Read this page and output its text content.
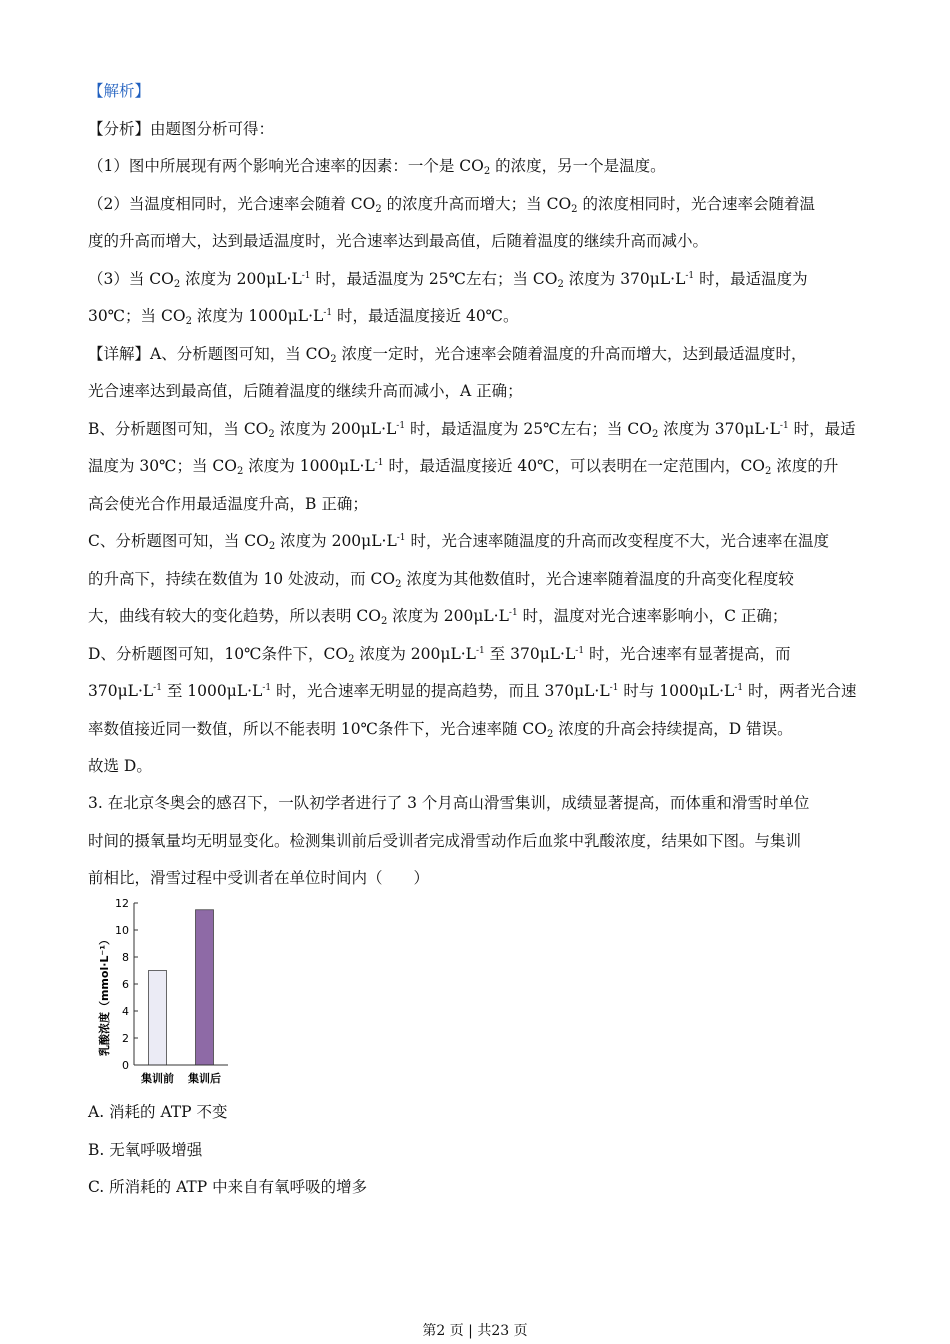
【解析】
【分析】由题图分析可得：
（1）图中所展现有两个影响光合速率的因素：一个是 $CO_2$ 的浓度，另一个是温度。
（2）当温度相同时，光合速率会随着 $CO_2$ 的浓度升高而增大；当 $CO_2$ 的浓度相同时，光合速率会随着温
度的升高而增大，达到最适温度时，光合速率达到最高值，后随着温度的继续升高而减小。
（3）当 $CO_2$ 浓度为 $200\mu L\cdot L^{-1}$ 时，最适温度为 25℃左右；当 $CO_2$ 浓度为 $370\mu L\cdot L^{-1}$ 时，最适温度为
30℃；当 $CO_2$ 浓度为 $1000\mu L\cdot L^{-1}$ 时，最适温度接近 40℃。
【详解】A、分析题图可知，当 $CO_2$ 浓度一定时，光合速率会随着温度的升高而增大，达到最适温度时，
光合速率达到最高值，后随着温度的继续升高而减小，A 正确；
B、分析题图可知，当 $CO_2$ 浓度为 $200\mu L\cdot L^{-1}$ 时，最适温度为 25℃左右；当 $CO_2$ 浓度为 $370\mu L\cdot L^{-1}$ 时，最适
温度为 30℃；当 $CO_2$ 浓度为 $1000\mu L\cdot L^{-1}$ 时，最适温度接近 40℃，可以表明在一定范围内，$CO_2$ 浓度的升
高会使光合作用最适温度升高，B 正确；
C、分析题图可知，当 $CO_2$ 浓度为 $200\mu L\cdot L^{-1}$ 时，光合速率随温度的升高而改变程度不大，光合速率在温度
的升高下，持续在数值为 10 处波动，而 $CO_2$ 浓度为其他数值时，光合速率随着温度的升高变化程度较
大，曲线有较大的变化趋势，所以表明 $CO_2$ 浓度为 $200\mu L\cdot L^{-1}$ 时，温度对光合速率影响小，C 正确；
D、分析题图可知，10℃条件下，$CO_2$ 浓度为 $200\mu L\cdot L^{-1}$ 至 $370\mu L\cdot L^{-1}$ 时，光合速率有显著提高，而
$370\mu L\cdot L^{-1}$ 至 $1000\mu L\cdot L^{-1}$ 时，光合速率无明显的提高趋势，而且 $370\mu L\cdot L^{-1}$ 时与 $1000\mu L\cdot L^{-1}$ 时，两者光合速
率数值接近同一数值，所以不能表明 10℃条件下，光合速率随 $CO_2$ 浓度的升高会持续提高，D 错误。
故选 D。
3. 在北京冬奥会的感召下，一队初学者进行了 3 个月高山滑雪集训，成绩显著提高，而体重和滑雪时单位
时间的摄氧量均无明显变化。检测集训前后受训者完成滑雪动作后血浆中乳酸浓度，结果如下图。与集训
前相比，滑雪过程中受训者在单位时间内（　　）
乳酸浓度（mmol·L⁻¹）
0
2
4
6
8
10
12
集训前 集训后
A. 消耗的 ATP 不变
B. 无氧呼吸增强
C. 所消耗的 ATP 中来自有氧呼吸的增多
第2 页 | 共23 页
